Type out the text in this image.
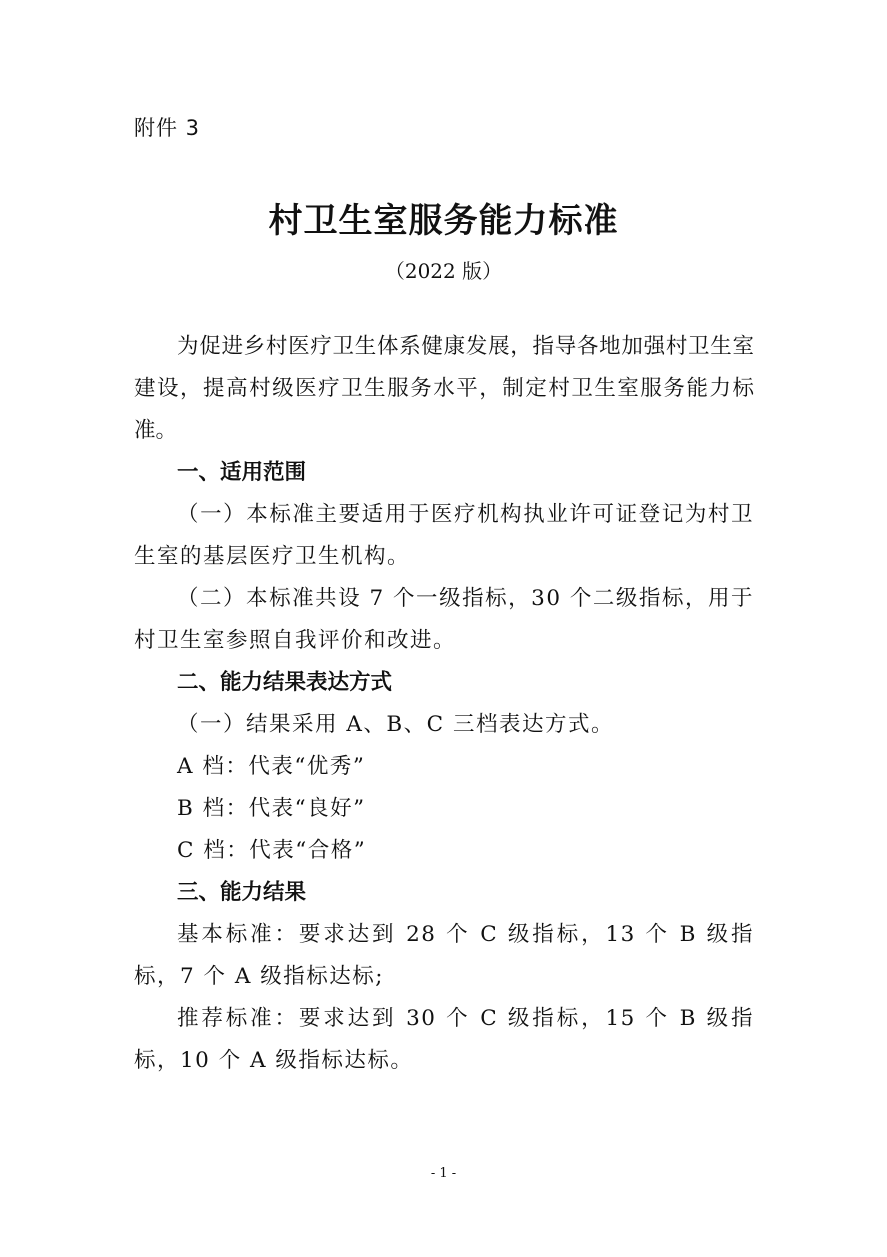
附件 3
村卫生室服务能力标准
（2022 版）

为促进乡村医疗卫生体系健康发展，指导各地加强村卫生室建设，提高村级医疗卫生服务水平，制定村卫生室服务能力标准。

一、适用范围

（一）本标准主要适用于医疗机构执业许可证登记为村卫生室的基层医疗卫生机构。

（二）本标准共设 7 个一级指标，30 个二级指标，用于村卫生室参照自我评价和改进。

二、能力结果表达方式

（一）结果采用 A、B、C 三档表达方式。

A 档：代表“优秀”

B 档：代表“良好”

C 档：代表“合格”

三、能力结果

基本标准：要求达到 28 个 C 级指标，13 个 B 级指标，7 个 A 级指标达标;

推荐标准：要求达到 30 个 C 级指标，15 个 B 级指标，10 个 A 级指标达标。

- 1 -
